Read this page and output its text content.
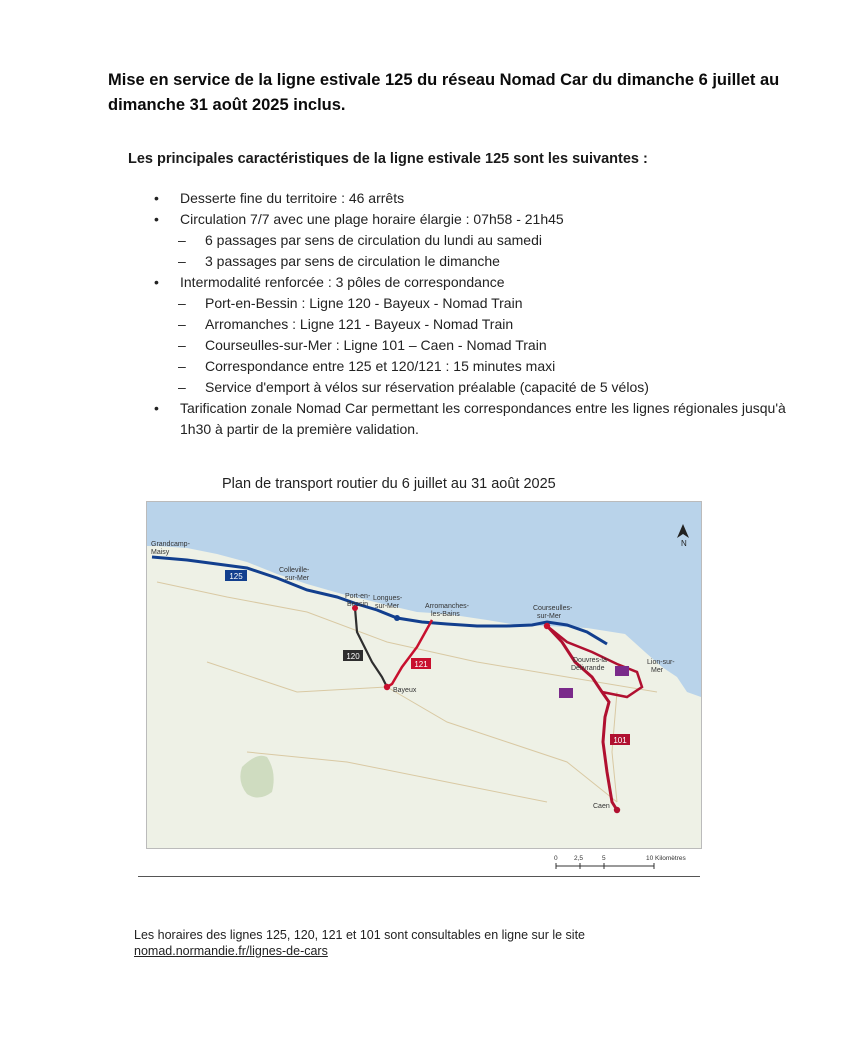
Mise en service de la ligne estivale 125 du réseau Nomad Car du dimanche 6 juillet au dimanche 31 août 2025 inclus.
Les principales caractéristiques de la ligne estivale 125 sont les suivantes :
• Desserte fine du territoire : 46 arrêts
• Circulation 7/7 avec une plage horaire élargie : 07h58 - 21h45
– 6 passages par sens de circulation du lundi au samedi
– 3 passages par sens de circulation le dimanche
• Intermodalité renforcée : 3 pôles de correspondance
– Port-en-Bessin : Ligne 120 - Bayeux - Nomad Train
– Arromanches : Ligne 121 - Bayeux - Nomad Train
– Courseulles-sur-Mer : Ligne 101 – Caen - Nomad Train
– Correspondance entre 125 et 120/121 : 15 minutes maxi
– Service d'emport à vélos sur réservation préalable (capacité de 5 vélos)
• Tarification zonale Nomad Car permettant les correspondances entre les lignes régionales jusqu'à 1h30 à partir de la première validation.
Plan de transport routier du 6 juillet au 31 août 2025
125
120
121
101
Grandcamp-
Maisy
Colleville-
sur-Mer
Port-en-
Bessin
Longues-
sur-Mer	Arromanches-
les-Bains
Courseulles-
sur-Mer
Douvres-la-
Délivrande
Lion-sur-
Mer
Bayeux
Caen
N
0	2,5	5	10 Kilomètres
Les horaires des lignes 125, 120, 121 et 101 sont consultables en ligne sur le site
nomad.normandie.fr/lignes-de-cars
